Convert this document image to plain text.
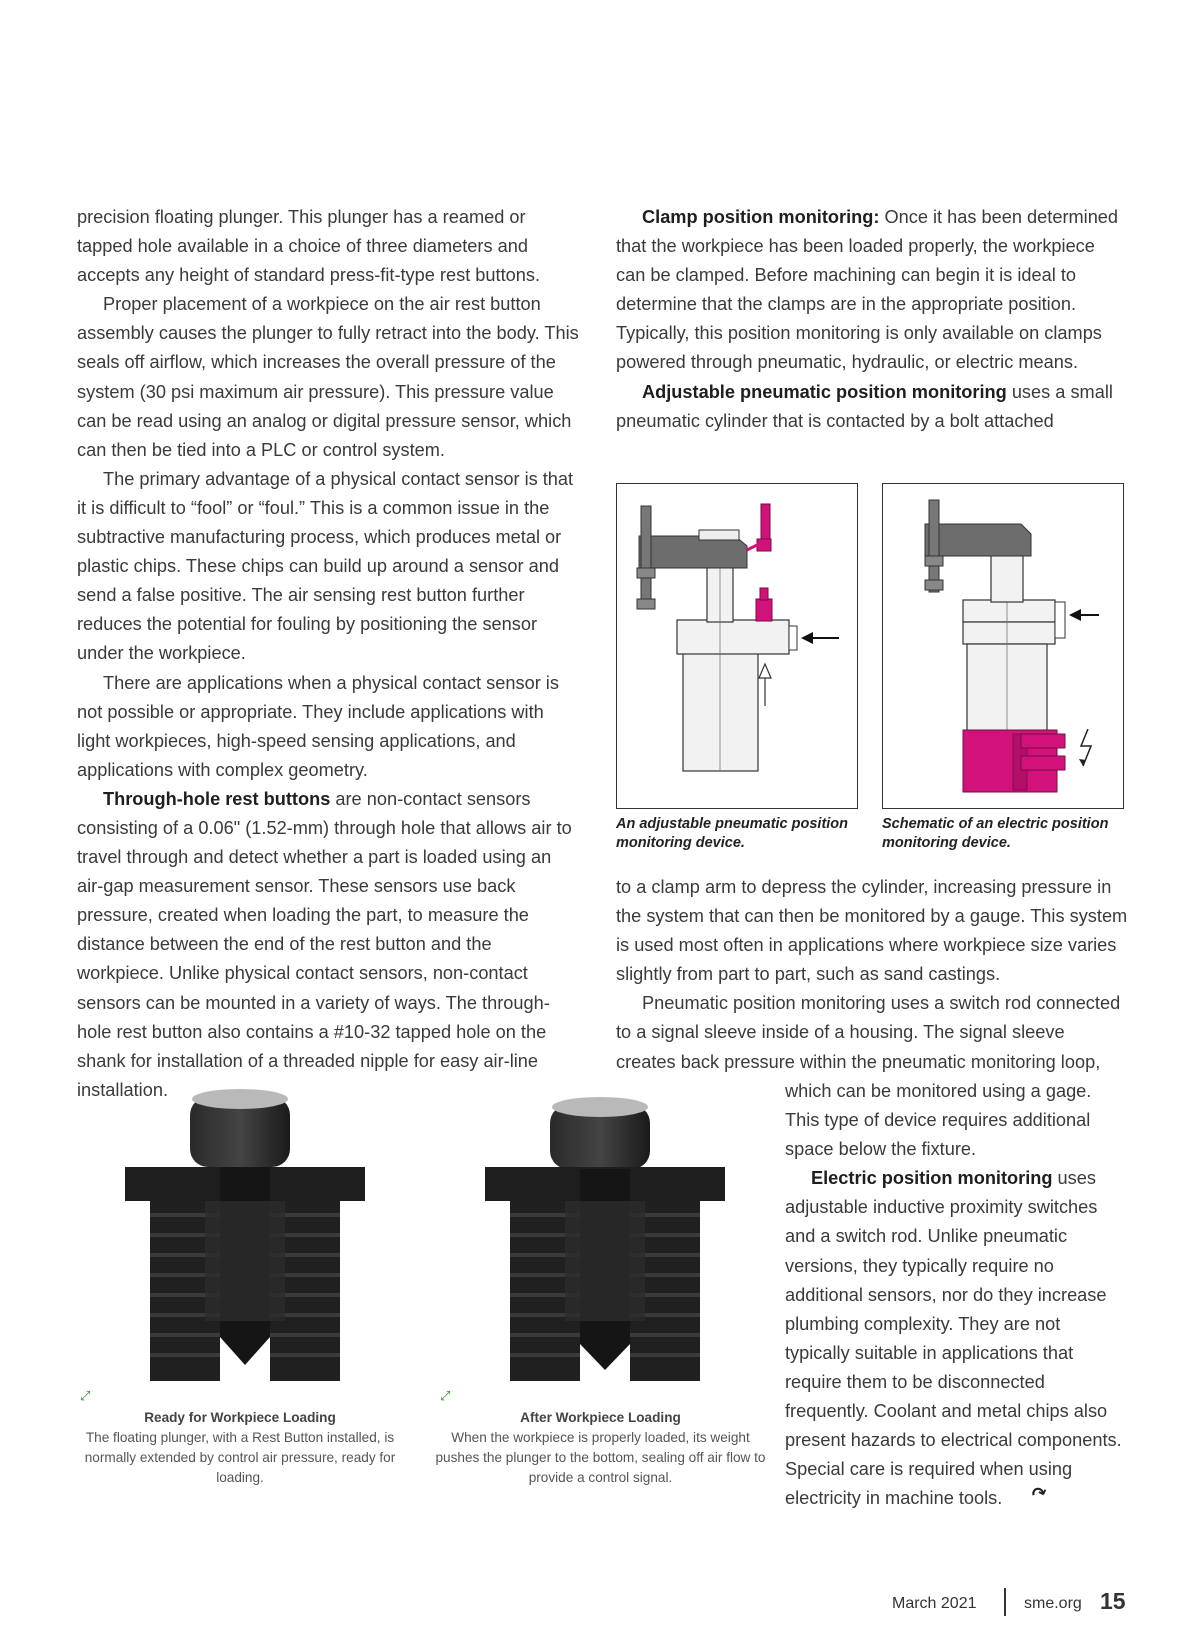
precision floating plunger. This plunger has a reamed or tapped hole available in a choice of three diameters and accepts any height of standard press-fit-type rest buttons.

Proper placement of a workpiece on the air rest button assembly causes the plunger to fully retract into the body. This seals off airflow, which increases the overall pressure of the system (30 psi maximum air pressure). This pressure value can be read using an analog or digital pressure sensor, which can then be tied into a PLC or control system.

The primary advantage of a physical contact sensor is that it is difficult to “fool” or “foul.” This is a common issue in the subtractive manufacturing process, which produces metal or plastic chips. These chips can build up around a sensor and send a false positive. The air sensing rest button further reduces the potential for fouling by positioning the sensor under the workpiece.

There are applications when a physical contact sensor is not possible or appropriate. They include applications with light workpieces, high-speed sensing applications, and applications with complex geometry.

Through-hole rest buttons are non-contact sensors consisting of a 0.06" (1.52-mm) through hole that allows air to travel through and detect whether a part is loaded using an air-gap measurement sensor. These sensors use back pressure, created when loading the part, to measure the distance between the end of the rest button and the workpiece. Unlike physical contact sensors, non-contact sensors can be mounted in a variety of ways. The through-hole rest button also contains a #10-32 tapped hole on the shank for installation of a threaded nipple for easy air-line installation.

Clamp position monitoring: Once it has been determined that the workpiece has been loaded properly, the workpiece can be clamped. Before machining can begin it is ideal to determine that the clamps are in the appropriate position. Typically, this position monitoring is only available on clamps powered through pneumatic, hydraulic, or electric means.

Adjustable pneumatic position monitoring uses a small pneumatic cylinder that is contacted by a bolt attached

An adjustable pneumatic position monitoring device.
Schematic of an electric position monitoring device.

to a clamp arm to depress the cylinder, increasing pressure in the system that can then be monitored by a gauge. This system is used most often in applications where workpiece size varies slightly from part to part, such as sand castings.

Pneumatic position monitoring uses a switch rod connected to a signal sleeve inside of a housing. The signal sleeve creates back pressure within the pneumatic monitoring loop,

which can be monitored using a gage. This type of device requires additional space below the fixture.

Electric position monitoring uses adjustable inductive proximity switches and a switch rod. Unlike pneumatic versions, they typically require no additional sensors, nor do they increase plumbing complexity. They are not typically suitable in applications that require them to be disconnected frequently. Coolant and metal chips also present hazards to electrical components. Special care is required when using electricity in machine tools. ↷

⤢
Ready for Workpiece Loading
The floating plunger, with a Rest Button installed, is normally extended by control air pressure, ready for loading.
⤢
After Workpiece Loading
When the workpiece is properly loaded, its weight pushes the plunger to the bottom, sealing off air flow to provide a control signal.
March 2021	sme.org 15
